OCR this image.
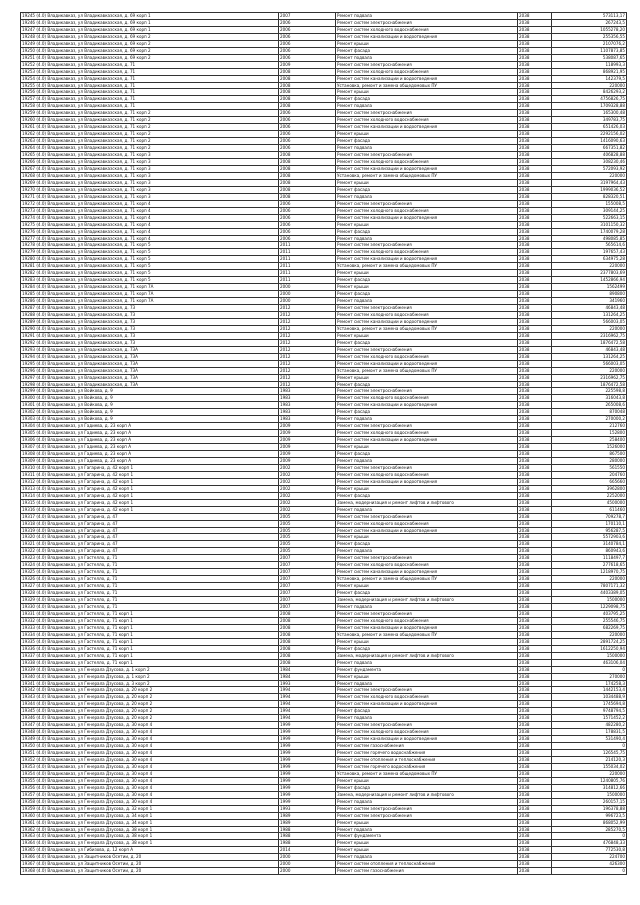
19245 (4.0) Владикавказ, ул Владикавказская, д. 69 корп 1	2007	Ремонт подвала	2038	573113,17
19246 (4.0) Владикавказ, ул Владикавказская, д. 69 корп 1	2006	Ремонт систем электроснабжения	2038	267243,5
19247 (4.0) Владикавказ, ул Владикавказская, д. 69 корп 1	2006	Ремонт систем холодного водоснабжения	2038	1055278,20
19248 (4.0) Владикавказ, ул Владикавказская, д. 69 корп 2	2006	Ремонт систем канализации и водоотведения	2038	255356,55
19249 (4.0) Владикавказ, ул Владикавказская, д. 69 корп 2	2006	Ремонт крыши	2038	2107076,2
19250 (4.0) Владикавказ, ул Владикавказская, д. 69 корп 2	2006	Ремонт фасада	2038	1107873,85
19251 (4.0) Владикавказ, ул Владикавказская, д. 69 корп 2	2006	Ремонт подвала	2038	538087,65
19252 (4.0) Владикавказ, ул Владикавказская, д. 71	2009	Ремонт систем электроснабжения	2038	118993,3
19253 (4.0) Владикавказ, ул Владикавказская, д. 71	2008	Ремонт систем холодного водоснабжения	2038	868921,95
19254 (4.0) Владикавказ, ул Владикавказская, д. 71	2008	Ремонт систем канализации и водоотведения	2038	142379,5
19255 (4.0) Владикавказ, ул Владикавказская, д. 71	2008	Установка, ремонт и замена общедомовых ПУ	2038	220000
19256 (4.0) Владикавказ, ул Владикавказская, д. 71	2008	Ремонт крыши	2038	8426293,2
19257 (4.0) Владикавказ, ул Владикавказская, д. 71	2008	Ремонт фасада	2038	4756826,75
19258 (4.0) Владикавказ, ул Владикавказская, д. 71	2008	Ремонт подвала	2038	1709328,88
19259 (4.0) Владикавказ, ул Владикавказская, д. 71 корп 2	2006	Ремонт систем электроснабжения	2038	165300,48
19260 (4.0) Владикавказ, ул Владикавказская, д. 71 корп 2	2006	Ремонт систем холодного водоснабжения	2038	349783,75
19261 (4.0) Владикавказ, ул Владикавказская, д. 71 корп 2	2006	Ремонт систем канализации и водоотведения	2038	651426,03
19262 (4.0) Владикавказ, ул Владикавказская, д. 71 корп 2	2006	Ремонт крыши	2038	2292156,02
19263 (4.0) Владикавказ, ул Владикавказская, д. 71 корп 2	2006	Ремонт фасада	2038	1416090,63
19264 (4.0) Владикавказ, ул Владикавказская, д. 71 корп 2	2006	Ремонт подвала	2038	667351,82
19265 (4.0) Владикавказ, ул Владикавказская, д. 71 корп 3	2008	Ремонт систем электроснабжения	2038	406828,88
19266 (4.0) Владикавказ, ул Владикавказская, д. 71 корп 3	2008	Ремонт систем холодного водоснабжения	2038	308230,46
19267 (4.0) Владикавказ, ул Владикавказская, д. 71 корп 3	2008	Ремонт систем канализации и водоотведения	2038	572093,92
19268 (4.0) Владикавказ, ул Владикавказская, д. 71 корп 3	2008	Установка, ремонт и замена общедомовых ПУ	2038	220000
19269 (4.0) Владикавказ, ул Владикавказская, д. 71 корп 3	2008	Ремонт крыши	2038	3197964,43
19270 (4.0) Владикавказ, ул Владикавказская, д. 71 корп 3	2008	Ремонт фасада	2038	1999036,52
19271 (4.0) Владикавказ, ул Владикавказская, д. 71 корп 3	2008	Ремонт подвала	2038	828320,51
19272 (4.0) Владикавказ, ул Владикавказская, д. 71 корп 4	2006	Ремонт систем электроснабжения	2038	155008,5
19273 (4.0) Владикавказ, ул Владикавказская, д. 71 корп 4	2006	Ремонт систем холодного водоснабжения	2038	309144,25
19274 (4.0) Владикавказ, ул Владикавказская, д. 71 корп 4	2006	Ремонт систем канализации и водоотведения	2038	522663,15
19275 (4.0) Владикавказ, ул Владикавказская, д. 71 корп 4	2006	Ремонт крыши	2038	3101150,32
19276 (4.0) Владикавказ, ул Владикавказская, д. 71 корп 4	2006	Ремонт фасада	2038	1740079,28
19277 (4.0) Владикавказ, ул Владикавказская, д. 71 корп 4	2006	Ремонт подвала	2038	498085,85
19278 (4.0) Владикавказ, ул Владикавказская, д. 71 корп 5	2011	Ремонт систем электроснабжения	2038	565614,6
19279 (4.0) Владикавказ, ул Владикавказская, д. 71 корп 5	2011	Ремонт систем холодного водоснабжения	2038	197657,43
19280 (4.0) Владикавказ, ул Владикавказская, д. 71 корп 5	2011	Ремонт систем канализации и водоотведения	2038	634975,28
19281 (4.0) Владикавказ, ул Владикавказская, д. 71 корп 5	2011	Установка, ремонт и замена общедомовых ПУ	2038	220000
19282 (4.0) Владикавказ, ул Владикавказская, д. 71 корп 5	2011	Ремонт крыши	2038	2377803,69
19283 (4.0) Владикавказ, ул Владикавказская, д. 71 корп 5	2011	Ремонт фасада	2038	1452866,94
19284 (4.0) Владикавказ, ул Владикавказская, д. 71 корп 7А	2000	Ремонт крыши	2038	1562499
19285 (4.0) Владикавказ, ул Владикавказская, д. 71 корп 7А	2000	Ремонт фасада	2038	890800
19286 (4.0) Владикавказ, ул Владикавказская, д. 71 корп 7А	2000	Ремонт подвала	2038	341960
19287 (4.0) Владикавказ, ул Владикавказская, д. 73	2012	Ремонт систем электроснабжения	2038	46843,48
19288 (4.0) Владикавказ, ул Владикавказская, д. 73	2012	Ремонт систем холодного водоснабжения	2038	131264,25
19289 (4.0) Владикавказ, ул Владикавказская, д. 73	2012	Ремонт систем канализации и водоотведения	2038	566003,05
19290 (4.0) Владикавказ, ул Владикавказская, д. 73	2012	Установка, ремонт и замена общедомовых ПУ	2038	220000
19291 (4.0) Владикавказ, ул Владикавказская, д. 73	2012	Ремонт крыши	2038	2316962,75
19292 (4.0) Владикавказ, ул Владикавказская, д. 73	2012	Ремонт фасада	2038	1876472,58
19293 (4.0) Владикавказ, ул Владикавказская, д. 73А	2012	Ремонт систем электроснабжения	2038	46843,48
19294 (4.0) Владикавказ, ул Владикавказская, д. 73А	2012	Ремонт систем холодного водоснабжения	2038	131264,25
19295 (4.0) Владикавказ, ул Владикавказская, д. 73А	2012	Ремонт систем канализации и водоотведения	2038	566003,05
19296 (4.0) Владикавказ, ул Владикавказская, д. 73А	2012	Установка, ремонт и замена общедомовых ПУ	2038	220000
19297 (4.0) Владикавказ, ул Владикавказская, д. 73А	2012	Ремонт крыши	2038	2316962,75
19298 (4.0) Владикавказ, ул Владикавказская, д. 73А	2012	Ремонт фасада	2038	1876472,58
19299 (4.0) Владикавказ, ул Войкова, д. 9	1983	Ремонт систем электроснабжения	2038	225598,8
19300 (4.0) Владикавказ, ул Войкова, д. 9	1983	Ремонт систем холодного водоснабжения	2038	316043,8
19301 (4.0) Владикавказ, ул Войкова, д. 9	1983	Ремонт систем канализации и водоотведения	2038	265008,6
19302 (4.0) Владикавказ, ул Войкова, д. 9	1983	Ремонт фасада	2038	870048
19303 (4.0) Владикавказ, ул Войкова, д. 9	1983	Ремонт подвала	2038	270000,2
19304 (4.0) Владикавказ, ул Гадиева, д. 23 корп А	2009	Ремонт систем электроснабжения	2038	212760
19305 (4.0) Владикавказ, ул Гадиева, д. 23 корп А	2009	Ремонт систем холодного водоснабжения	2038	152800
19306 (4.0) Владикавказ, ул Гадиева, д. 23 корп А	2009	Ремонт систем канализации и водоотведения	2038	258400
19307 (4.0) Владикавказ, ул Гадиева, д. 23 корп А	2009	Ремонт крыши	2038	1526000
19308 (4.0) Владикавказ, ул Гадиева, д. 23 корп А	2009	Ремонт фасада	2038	867500
19309 (4.0) Владикавказ, ул Гадиева, д. 23 корп А	2009	Ремонт подвала	2038	280000
19310 (4.0) Владикавказ, ул Гагарина, д. 42 корп 1	2002	Ремонт систем электроснабжения	2038	561550
19311 (4.0) Владикавказ, ул Гагарина, д. 42 корп 1	2002	Ремонт систем холодного водоснабжения	2038	204760
19312 (4.0) Владикавказ, ул Гагарина, д. 42 корп 1	2002	Ремонт систем канализации и водоотведения	2038	665660
19313 (4.0) Владикавказ, ул Гагарина, д. 42 корп 1	2002	Ремонт крыши	2038	3962800
19314 (4.0) Владикавказ, ул Гагарина, д. 42 корп 1	2002	Ремонт фасада	2038	2252000
19315 (4.0) Владикавказ, ул Гагарина, д. 42 корп 1	2002	Замена, модернизация и ремонт лифтов и лифтового	2038	4500000
19316 (4.0) Владикавказ, ул Гагарина, д. 42 корп 1	2002	Ремонт подвала	2038	611460
19317 (4.0) Владикавказ, ул Гагарина, д. 47	2005	Ремонт систем электроснабжения	2038	709278,7
19318 (4.0) Владикавказ, ул Гагарина, д. 47	2005	Ремонт систем холодного водоснабжения	2038	170110,1
19319 (4.0) Владикавказ, ул Гагарина, д. 47	2005	Ремонт систем канализации и водоотведения	2038	956287,5
19320 (4.0) Владикавказ, ул Гагарина, д. 47	2005	Ремонт крыши	2038	5572903,6
19321 (4.0) Владикавказ, ул Гагарина, д. 47	2005	Ремонт фасада	2038	3140784,1
19322 (4.0) Владикавказ, ул Гагарина, д. 47	2005	Ремонт подвала	2038	860943,6
19323 (4.0) Владикавказ, ул Гастелло, д. 71	2007	Ремонт систем электроснабжения	2038	1118497,7
19324 (4.0) Владикавказ, ул Гастелло, д. 71	2007	Ремонт систем холодного водоснабжения	2038	277618,65
19325 (4.0) Владикавказ, ул Гастелло, д. 71	2007	Ремонт систем канализации и водоотведения	2038	1218970,75
19326 (4.0) Владикавказ, ул Гастелло, д. 71	2007	Установка, ремонт и замена общедомовых ПУ	2038	220000
19327 (4.0) Владикавказ, ул Гастелло, д. 71	2007	Ремонт крыши	2038	7807171,32
19328 (4.0) Владикавказ, ул Гастелло, д. 71	2007	Ремонт фасада	2038	4403389,05
19329 (4.0) Владикавказ, ул Гастелло, д. 71	2007	Замена, модернизация и ремонт лифтов и лифтового	2038	1500000
19330 (4.0) Владикавказ, ул Гастелло, д. 71	2007	Ремонт подвала	2038	1229098,75
19331 (4.0) Владикавказ, ул Гастелло, д. 71 корп 1	2008	Ремонт систем электроснабжения	2038	403795,25
19332 (4.0) Владикавказ, ул Гастелло, д. 71 корп 1	2008	Ремонт систем холодного водоснабжения	2038	255546,75
19333 (4.0) Владикавказ, ул Гастелло, д. 71 корп 1	2008	Ремонт систем канализации и водоотведения	2038	682269,75
19334 (4.0) Владикавказ, ул Гастелло, д. 71 корп 1	2008	Установка, ремонт и замена общедомовых ПУ	2038	220000
19335 (4.0) Владикавказ, ул Гастелло, д. 71 корп 1	2008	Ремонт крыши	2038	2891724,25
19336 (4.0) Владикавказ, ул Гастелло, д. 71 корп 1	2008	Ремонт фасада	2038	1612250,94
19337 (4.0) Владикавказ, ул Гастелло, д. 71 корп 1	2008	Замена, модернизация и ремонт лифтов и лифтового	2038	1500000
19338 (4.0) Владикавказ, ул Гастелло, д. 71 корп 1	2008	Ремонт подвала	2038	463106,04
19339 (4.0) Владикавказ, ул Генерала Дзусова, д. 1 корп 2	1984	Ремонт фундамента	2038	0
19340 (4.0) Владикавказ, ул Генерала Дзусова, д. 1 корп 2	1984	Ремонт крыши	2038	270000
19341 (4.0) Владикавказ, ул Генерала Дзусова, д. 3 корп 2	1993	Ремонт подвала	2038	174258,3
19342 (4.0) Владикавказ, ул Генерала Дзусова, д. 20 корп 2	1994	Ремонт систем электроснабжения	2038	1442153,4
19343 (4.0) Владикавказ, ул Генерала Дзусова, д. 20 корп 2	1994	Ремонт систем холодного водоснабжения	2038	1034488,9
19344 (4.0) Владикавказ, ул Генерала Дзусова, д. 20 корп 2	1994	Ремонт систем канализации и водоотведения	2038	1745694,8
19345 (4.0) Владикавказ, ул Генерала Дзусова, д. 20 корп 2	1994	Ремонт фасада	2038	9748794,5
19346 (4.0) Владикавказ, ул Генерала Дзусова, д. 20 корп 2	1994	Ремонт подвала	2038	1571452,2
19347 (4.0) Владикавказ, ул Генерала Дзусова, д. 30 корп 4	1999	Ремонт систем электроснабжения	2038	482280,2
19348 (4.0) Владикавказ, ул Генерала Дзусова, д. 30 корп 4	1999	Ремонт систем холодного водоснабжения	2038	178831,5
19349 (4.0) Владикавказ, ул Генерала Дзусова, д. 30 корп 4	1999	Ремонт систем канализации и водоотведения	2038	531490,4
19350 (4.0) Владикавказ, ул Генерала Дзусова, д. 30 корп 4	1999	Ремонт систем газоснабжения	2038	0
19351 (4.0) Владикавказ, ул Генерала Дзусова, д. 30 корп 4	1999	Ремонт систем горячего водоснабжения	2038	126545,75
19352 (4.0) Владикавказ, ул Генерала Дзусова, д. 30 корп 4	1999	Ремонт систем отопления и теплоснабжения	2038	214120,3
19353 (4.0) Владикавказ, ул Генерала Дзусова, д. 30 корп 4	1999	Ремонт систем горячего водоснабжения	2038	155034,02
19354 (4.0) Владикавказ, ул Генерала Дзусова, д. 30 корп 4	1999	Установка, ремонт и замена общедомовых ПУ	2038	220000
19355 (4.0) Владикавказ, ул Генерала Дзусова, д. 30 корп 4	1999	Ремонт крыши	2038	1240805,76
19356 (4.0) Владикавказ, ул Генерала Дзусова, д. 30 корп 4	1999	Ремонт фасада	2038	314812,66
19357 (4.0) Владикавказ, ул Генерала Дзусова, д. 30 корп 4	1999	Замена, модернизация и ремонт лифтов и лифтового	2038	1500000
19358 (4.0) Владикавказ, ул Генерала Дзусова, д. 30 корп 4	1999	Ремонт подвала	2038	260157,15
19359 (4.0) Владикавказ, ул Генерала Дзусова, д. 32 корп 1	1993	Ремонт систем электроснабжения	2038	196378,88
19360 (4.0) Владикавказ, ул Генерала Дзусова, д. 34 корп 1	1989	Ремонт систем электроснабжения	2038	996723,5
19361 (4.0) Владикавказ, ул Генерала Дзусова, д. 34 корп 1	1989	Ремонт крыши	2038	868052,99
19362 (4.0) Владикавказ, ул Генерала Дзусова, д. 38 корп 1	1988	Ремонт подвала	2038	285270,5
19363 (4.0) Владикавказ, ул Генерала Дзусова, д. 38 корп 1	1988	Ремонт фундамента	2038	0
19364 (4.0) Владикавказ, ул Генерала Дзусова, д. 38 корп 1	1988	Ремонт крыши	2038	476848,33
19365 (4.0) Владикавказ, ул Гибизова, д. 12 корп А	2014	Ремонт крыши	2038	772530,8
19366 (4.0) Владикавказ, ул Защитников Осетии, д. 20	2000	Ремонт подвала	2038	224700
19367 (4.0) Владикавказ, ул Защитников Осетии, д. 20	2000	Ремонт систем отопления и теплоснабжения	2038	426300
19368 (4.0) Владикавказ, ул Защитников Осетии, д. 20	2000	Ремонт систем газоснабжения	2038	0
